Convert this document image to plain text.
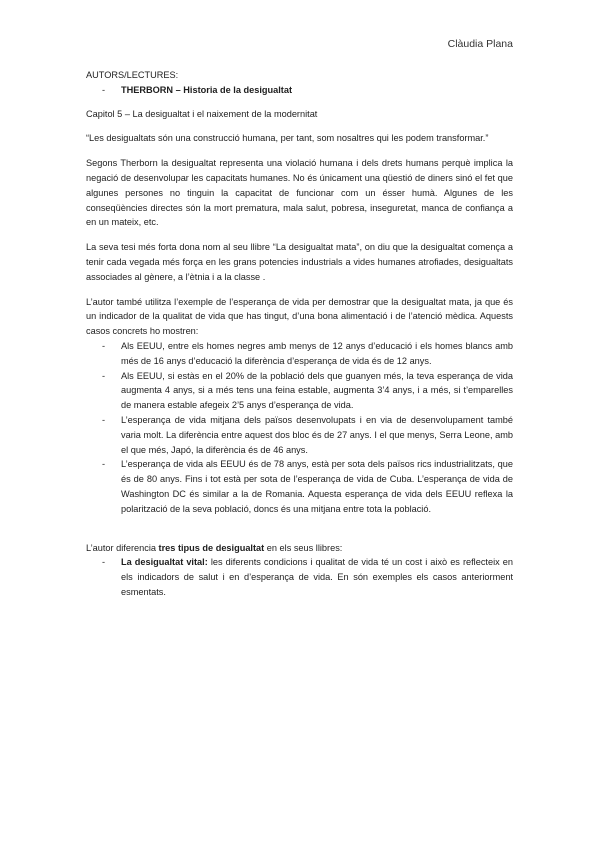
Clàudia Plana

AUTORS/LECTURES:

- THERBORN – Historia de la desigualtat

Capitol 5 – La desigualtat i el naixement de la modernitat

“Les desigualtats són una construcció humana, per tant, som nosaltres qui les podem transformar.”

Segons Therborn la desigualtat representa una violació humana i dels drets humans perquè implica la negació de desenvolupar les capacitats humanes. No és únicament una qüestió de diners sinó el fet que algunes persones no tinguin la capacitat de funcionar com un ésser humà. Algunes de les conseqüències directes són la mort prematura, mala salut, pobresa, inseguretat, manca de confiança a en un mateix, etc.

La seva tesi més forta dona nom al seu llibre “La desigualtat mata”, on diu que la desigualtat comença a tenir cada vegada més força en les grans potencies industrials a vides humanes atrofiades, desigualtats associades al gènere, a l’ètnia i a la classe .

L’autor també utilitza l’exemple de l’esperança de vida per demostrar que la desigualtat mata, ja que és un indicador de la qualitat de vida que has tingut, d’una bona alimentació i de l’atenció mèdica. Aquests casos concrets ho mostren:

- Als EEUU, entre els homes negres amb menys de 12 anys d’educació i els homes blancs amb més de 16 anys d’educació la diferència d’esperança de vida és de 12 anys.
- Als EEUU, si estàs en el 20% de la població dels que guanyen més, la teva esperança de vida augmenta 4 anys, si a més tens una feina estable, augmenta 3’4 anys, i a més, si t’emparelles de manera estable afegeix 2’5 anys d’esperança de vida.
- L’esperança de vida mitjana dels països desenvolupats i en via de desenvolupament també varia molt. La diferència entre aquest dos bloc és de 27 anys. I el que menys, Serra Leone, amb el que més, Japó, la diferència és de 46 anys.
- L’esperança de vida als EEUU és de 78 anys, està per sota dels països rics industrialitzats, que és de 80 anys. Fins i tot està per sota de l’esperança de vida de Cuba. L’esperança de vida de Washington DC és similar a la de Romania. Aquesta esperança de vida dels EEUU reflexa la polarització de la seva població, doncs és una mitjana entre tota la població.

L’autor diferencia tres tipus de desigualtat en els seus llibres:

- La desigualtat vital: les diferents condicions i qualitat de vida té un cost i això es reflecteix en els indicadors de salut i en d’esperança de vida. En són exemples els casos anteriorment esmentats.
